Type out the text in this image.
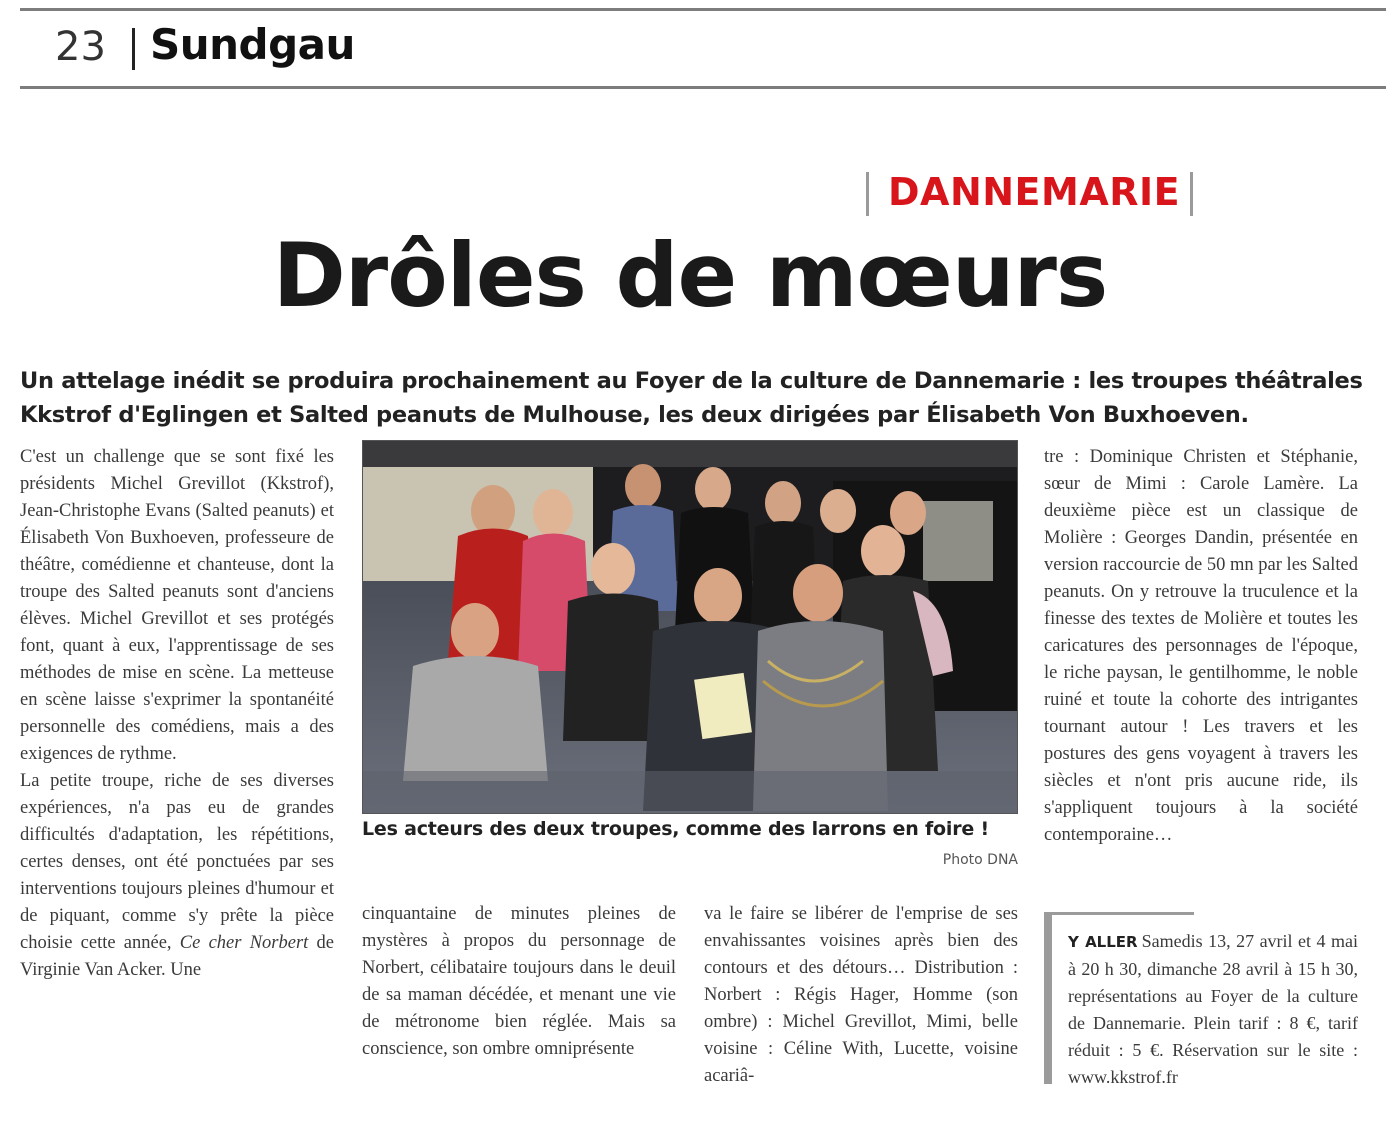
23 Sundgau
DANNEMARIE
Drôles de mœurs
Un attelage inédit se produira prochainement au Foyer de la culture de Dannemarie : les troupes théâtrales Kkstrof d'Eglingen et Salted peanuts de Mulhouse, les deux dirigées par Élisabeth Von Buxhoeven.

C'est un challenge que se sont fixé les présidents Michel Grevillot (Kkstrof), Jean-Christophe Evans (Salted peanuts) et Élisabeth Von Buxhoeven, professeure de théâtre, comédienne et chanteuse, dont la troupe des Salted peanuts sont d'anciens élèves. Michel Grevillot et ses protégés font, quant à eux, l'apprentissage de ses méthodes de mise en scène. La metteuse en scène laisse s'exprimer la spontanéité personnelle des comédiens, mais a des exigences de rythme.

La petite troupe, riche de ses diverses expériences, n'a pas eu de grandes difficultés d'adaptation, les répétitions, certes denses, ont été ponctuées par ses interventions toujours pleines d'humour et de piquant, comme s'y prête la pièce choisie cette année, Ce cher Norbert de Virginie Van Acker. Une

Les acteurs des deux troupes, comme des larrons en foire !
Photo DNA

cinquantaine de minutes pleines de mystères à propos du personnage de Norbert, célibataire toujours dans le deuil de sa maman décédée, et menant une vie de métronome bien réglée. Mais sa conscience, son ombre omniprésente

va le faire se libérer de l'emprise de ses envahissantes voisines après bien des contours et des détours… Distribution : Norbert : Régis Hager, Homme (son ombre) : Michel Grevillot, Mimi, belle voisine : Céline With, Lucette, voisine acariâ-

tre : Dominique Christen et Stéphanie, sœur de Mimi : Carole Lamère. La deuxième pièce est un classique de Molière : Georges Dandin, présentée en version raccourcie de 50 mn par les Salted peanuts. On y retrouve la truculence et la finesse des textes de Molière et toutes les caricatures des personnages de l'époque, le riche paysan, le gentilhomme, le noble ruiné et toute la cohorte des intrigantes tournant autour ! Les travers et les postures des gens voyagent à travers les siècles et n'ont pris aucune ride, ils s'appliquent toujours à la société contemporaine…

Y ALLER Samedis 13, 27 avril et 4 mai à 20 h 30, dimanche 28 avril à 15 h 30, représentations au Foyer de la culture de Dannemarie. Plein tarif : 8 €, tarif réduit : 5 €. Réservation sur le site : www.kkstrof.fr
